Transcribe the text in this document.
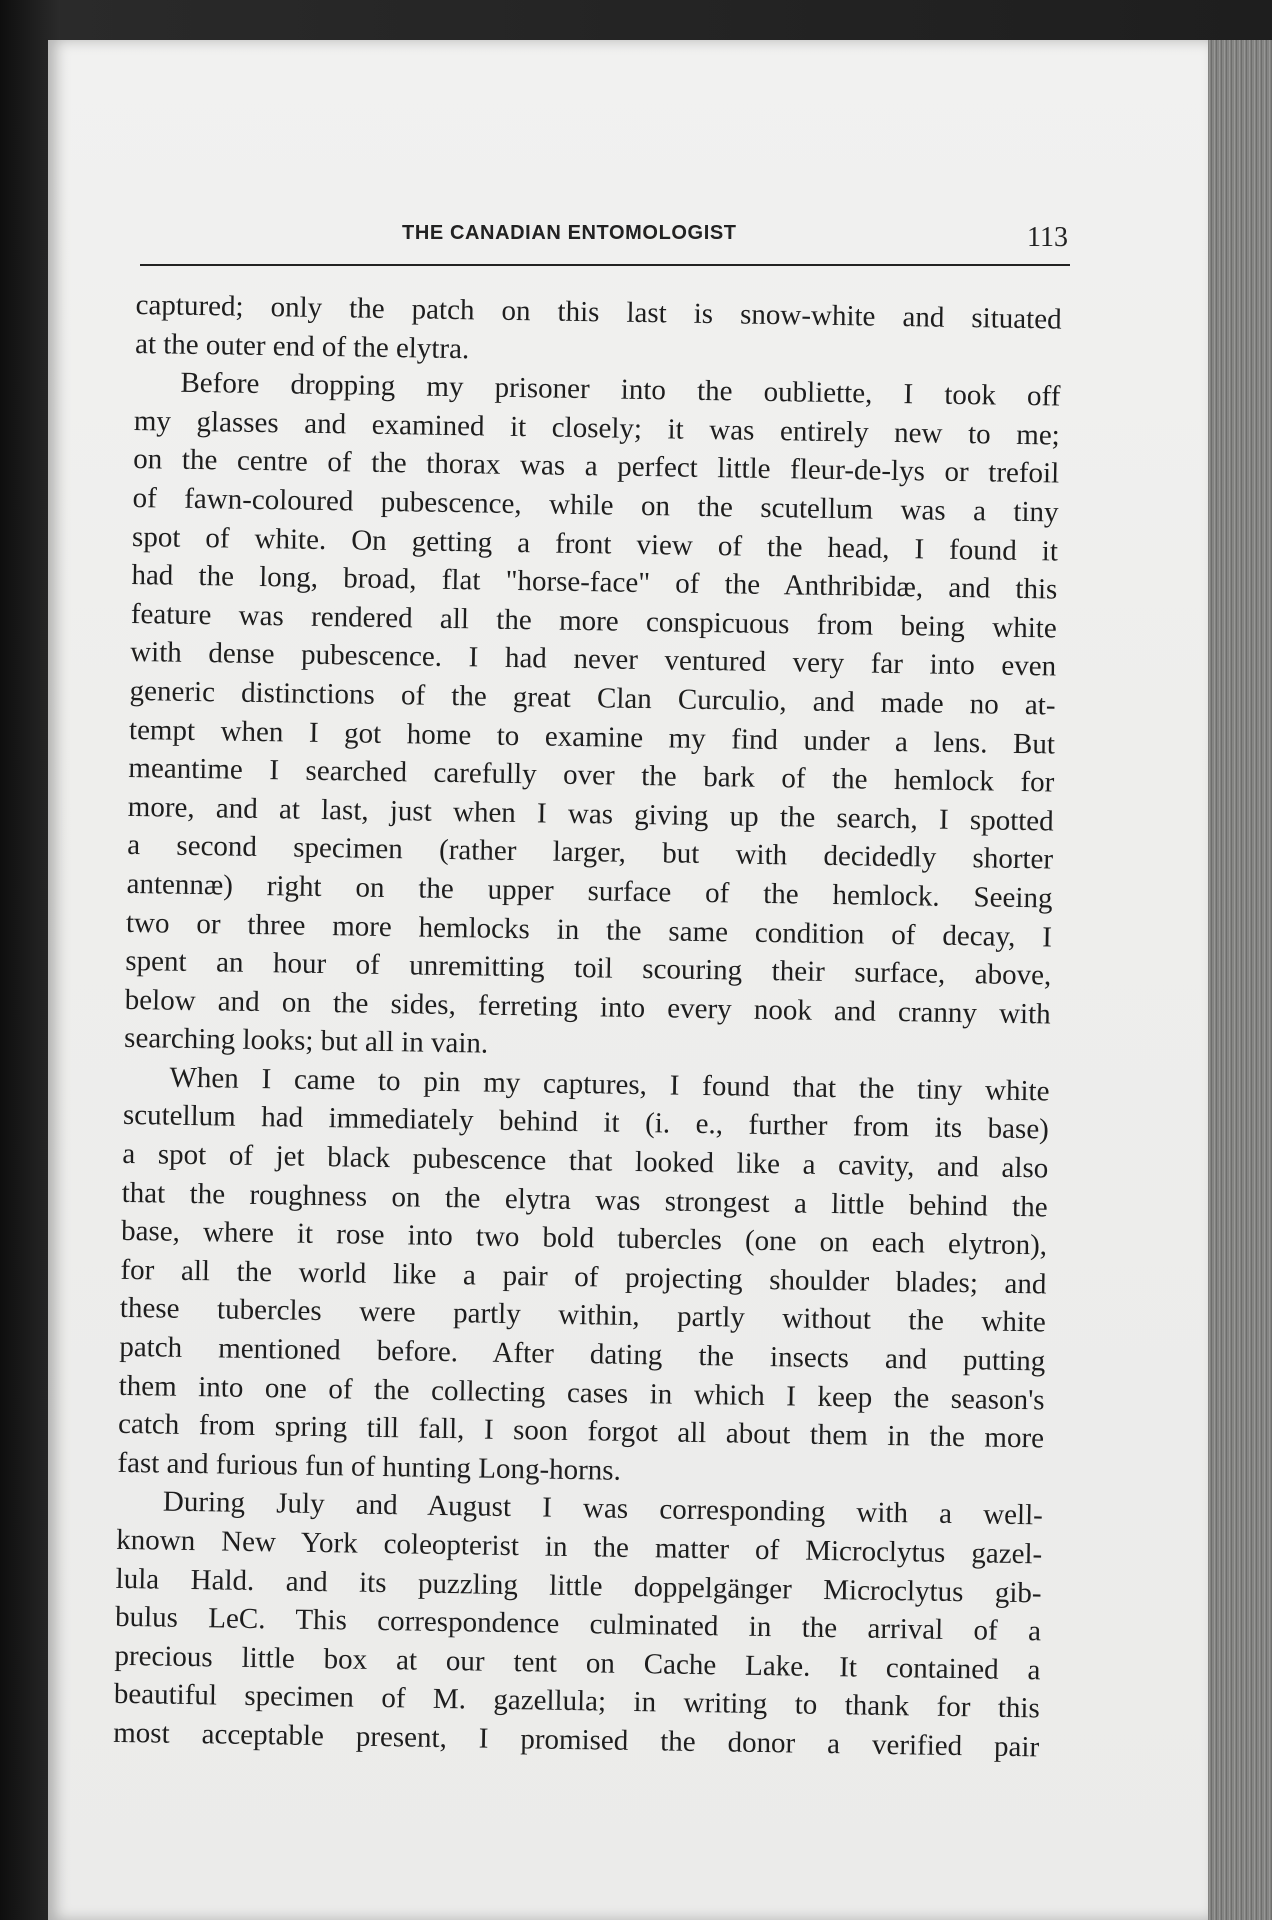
THE CANADIAN ENTOMOLOGIST	113
captured; only the patch on this last is snow-white and situated
at the outer end of the elytra.
Before dropping my prisoner into the oubliette, I took off
my glasses and examined it closely; it was entirely new to me;
on the centre of the thorax was a perfect little fleur-de-lys or trefoil
of fawn-coloured pubescence, while on the scutellum was a tiny
spot of white. On getting a front view of the head, I found it
had the long, broad, flat "horse-face" of the Anthribidæ, and this
feature was rendered all the more conspicuous from being white
with dense pubescence. I had never ventured very far into even
generic distinctions of the great Clan Curculio, and made no at-
tempt when I got home to examine my find under a lens. But
meantime I searched carefully over the bark of the hemlock for
more, and at last, just when I was giving up the search, I spotted
a second specimen (rather larger, but with decidedly shorter
antennæ) right on the upper surface of the hemlock. Seeing
two or three more hemlocks in the same condition of decay, I
spent an hour of unremitting toil scouring their surface, above,
below and on the sides, ferreting into every nook and cranny with
searching looks; but all in vain.
When I came to pin my captures, I found that the tiny white
scutellum had immediately behind it (i. e., further from its base)
a spot of jet black pubescence that looked like a cavity, and also
that the roughness on the elytra was strongest a little behind the
base, where it rose into two bold tubercles (one on each elytron),
for all the world like a pair of projecting shoulder blades; and
these tubercles were partly within, partly without the white
patch mentioned before. After dating the insects and putting
them into one of the collecting cases in which I keep the season's
catch from spring till fall, I soon forgot all about them in the more
fast and furious fun of hunting Long-horns.
During July and August I was corresponding with a well-
known New York coleopterist in the matter of Microclytus gazel-
lula Hald. and its puzzling little doppelgänger Microclytus gib-
bulus LeC. This correspondence culminated in the arrival of a
precious little box at our tent on Cache Lake. It contained a
beautiful specimen of M. gazellula; in writing to thank for this
most acceptable present, I promised the donor a verified pair
